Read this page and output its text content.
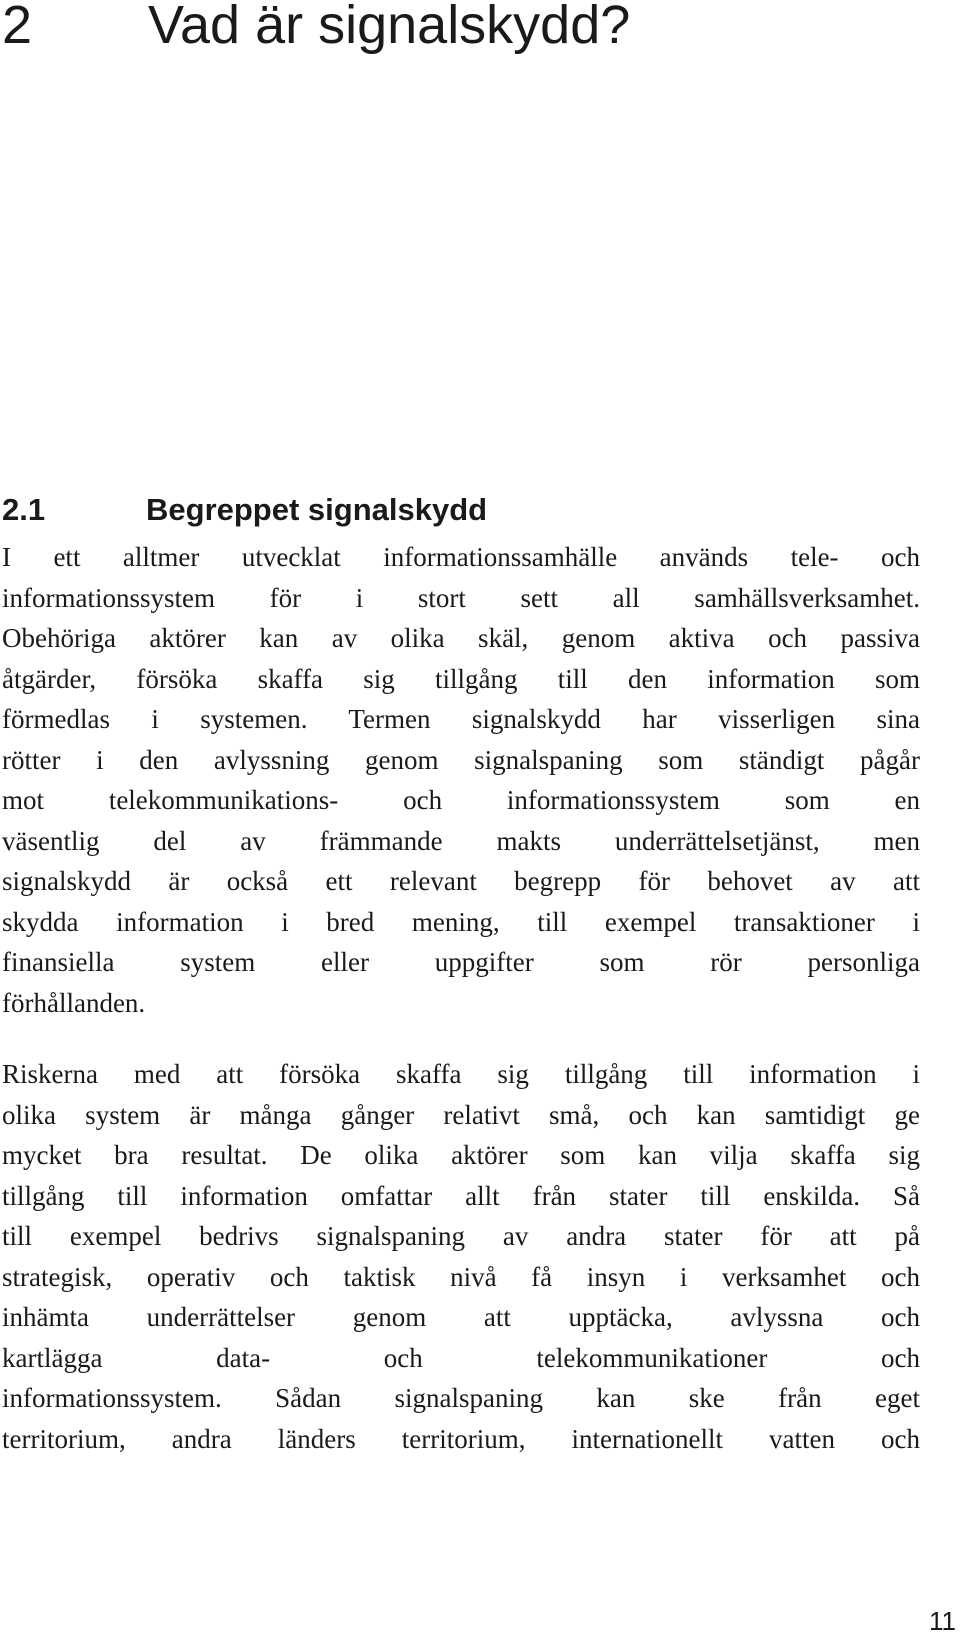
2 Vad är signalskydd?
2.1	Begreppet signalskydd
I ett alltmer utvecklat informationssamhälle används tele- och
informationssystem för i stort sett all samhällsverksamhet.
Obehöriga aktörer kan av olika skäl, genom aktiva och passiva
åtgärder, försöka skaffa sig tillgång till den information som
förmedlas i systemen. Termen signalskydd har visserligen sina
rötter i den avlyssning genom signalspaning som ständigt pågår
mot telekommunikations- och informationssystem som en
väsentlig del av främmande makts underrättelsetjänst, men
signalskydd är också ett relevant begrepp för behovet av att
skydda information i bred mening, till exempel transaktioner i
finansiella system eller uppgifter som rör personliga
förhållanden.
Riskerna med att försöka skaffa sig tillgång till information i
olika system är många gånger relativt små, och kan samtidigt ge
mycket bra resultat. De olika aktörer som kan vilja skaffa sig
tillgång till information omfattar allt från stater till enskilda. Så
till exempel bedrivs signalspaning av andra stater för att på
strategisk, operativ och taktisk nivå få insyn i verksamhet och
inhämta underrättelser genom att upptäcka, avlyssna och
kartlägga data- och telekommunikationer och
informationssystem. Sådan signalspaning kan ske från eget
territorium, andra länders territorium, internationellt vatten och
11
